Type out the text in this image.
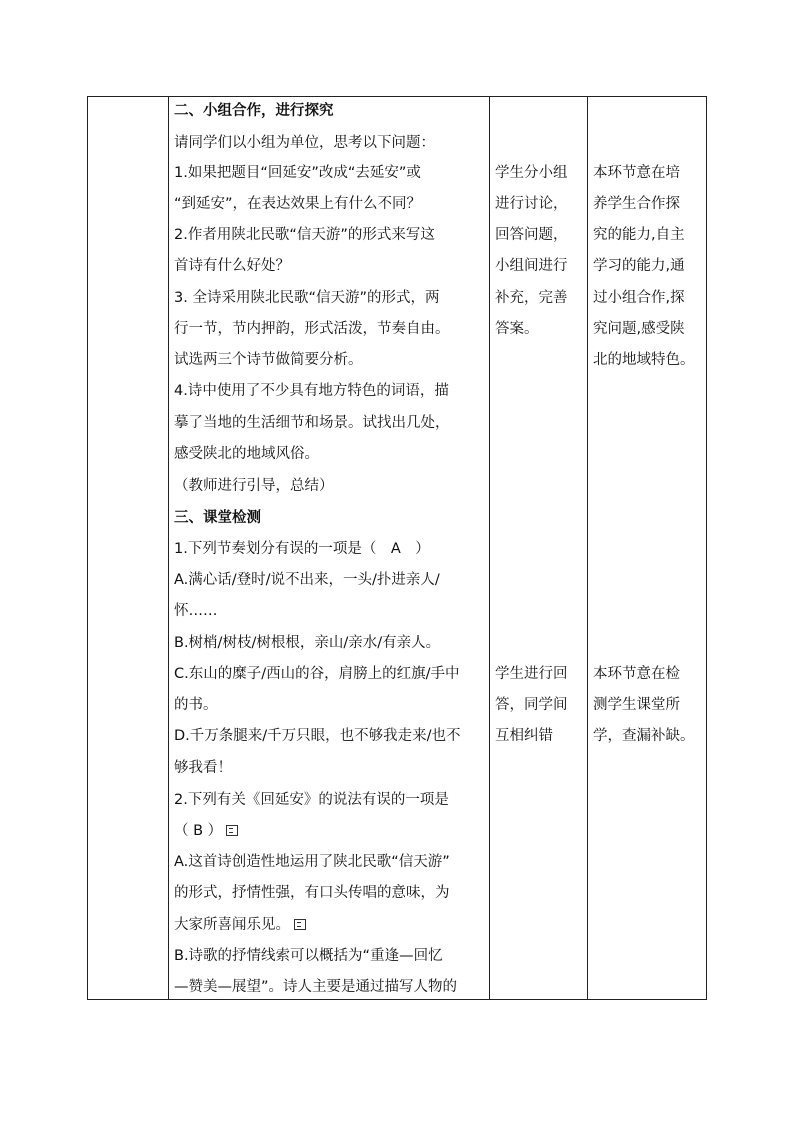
二、小组合作，进行探究
请同学们以小组为单位，思考以下问题：
1.如果把题目“回延安”改成“去延安”或
“到延安”，在表达效果上有什么不同？
2.作者用陕北民歌“信天游”的形式来写这
首诗有什么好处？
3. 全诗采用陕北民歌“信天游”的形式，两
行一节，节内押韵，形式活泼，节奏自由。
试选两三个诗节做简要分析。
4.诗中使用了不少具有地方特色的词语，描
摹了当地的生活细节和场景。试找出几处，
感受陕北的地域风俗。
（教师进行引导，总结）
三、课堂检测
1.下列节奏划分有误的一项是（　A　）
A.满心话/登时/说不出来，一头/扑进亲人/
怀……
B.树梢/树枝/树根根，亲山/亲水/有亲人。
C.东山的糜子/西山的谷，肩膀上的红旗/手中
的书。
D.千万条腿来/千万只眼，也不够我走来/也不
够我看！
2.下列有关《回延安》的说法有误的一项是
（ B ）
A.这首诗创造性地运用了陕北民歌“信天游”
的形式，抒情性强，有口头传唱的意味，为
大家所喜闻乐见。
B.诗歌的抒情线索可以概括为“重逢—回忆
—赞美—展望”。诗人主要是通过描写人物的
学生分小组
进行讨论，
回答问题，
小组间进行
补充，完善
答案。
学生进行回
答，同学间
互相纠错
本环节意在培
养学生合作探
究的能力,自主
学习的能力,通
过小组合作,探
究问题,感受陕
北的地域特色。
本环节意在检
测学生课堂所
学，查漏补缺。
